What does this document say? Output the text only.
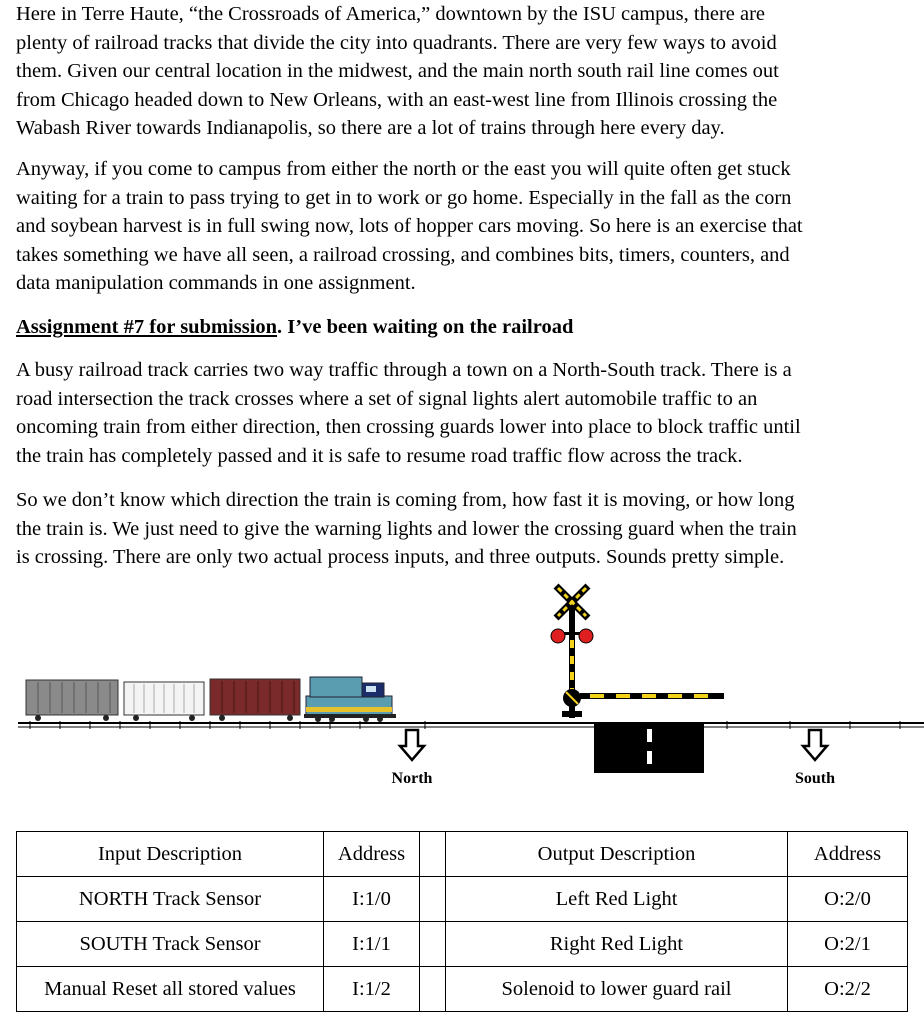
Here in Terre Haute, “the Crossroads of America,” downtown by the ISU campus, there are
plenty of railroad tracks that divide the city into quadrants. There are very few ways to avoid
them. Given our central location in the midwest, and the main north south rail line comes out
from Chicago headed down to New Orleans, with an east-west line from Illinois crossing the
Wabash River towards Indianapolis, so there are a lot of trains through here every day.
Anyway, if you come to campus from either the north or the east you will quite often get stuck
waiting for a train to pass trying to get in to work or go home. Especially in the fall as the corn
and soybean harvest is in full swing now, lots of hopper cars moving. So here is an exercise that
takes something we have all seen, a railroad crossing, and combines bits, timers, counters, and
data manipulation commands in one assignment.
Assignment #7 for submission. I’ve been waiting on the railroad
A busy railroad track carries two way traffic through a town on a North-South track. There is a
road intersection the track crosses where a set of signal lights alert automobile traffic to an
oncoming train from either direction, then crossing guards lower into place to block traffic until
the train has completely passed and it is safe to resume road traffic flow across the track.
So we don’t know which direction the train is coming from, how fast it is moving, or how long
the train is. We just need to give the warning lights and lower the crossing guard when the train
is crossing. There are only two actual process inputs, and three outputs. Sounds pretty simple.
North	South
Input Description	Address		Output Description	Address
NORTH Track Sensor	I:1/0		Left Red Light	O:2/0
SOUTH Track Sensor	I:1/1		Right Red Light	O:2/1
Manual Reset all stored values	I:1/2		Solenoid to lower guard rail	O:2/2
